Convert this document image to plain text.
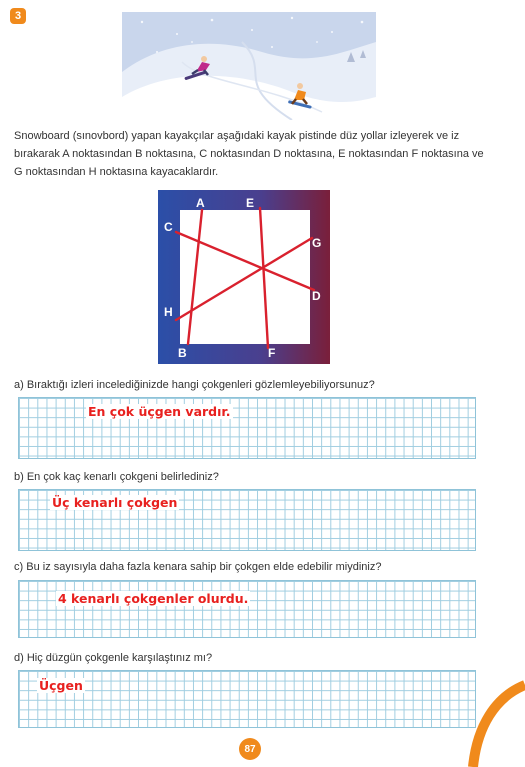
3
Snowboard (sınovbord) yapan kayakçılar aşağıdaki kayak pistinde düz yollar izleyerek ve iz bırakarak A noktasından B noktasına, C noktasından D noktasına, E noktasından F noktasına ve G noktasından H noktasına kayacaklardır.
A
B
C
D
E
F
G
H
a) Bıraktığı izleri incelediğinizde hangi çokgenleri gözlemleyebiliyorsunuz?
En çok üçgen vardır.
b) En çok kaç kenarlı çokgeni belirlediniz?
Üç kenarlı çokgen
c) Bu iz sayısıyla daha fazla kenara sahip bir çokgen elde edebilir miydiniz?
4 kenarlı çokgenler olurdu.
d) Hiç düzgün çokgenle karşılaştınız mı?
Üçgen
87
